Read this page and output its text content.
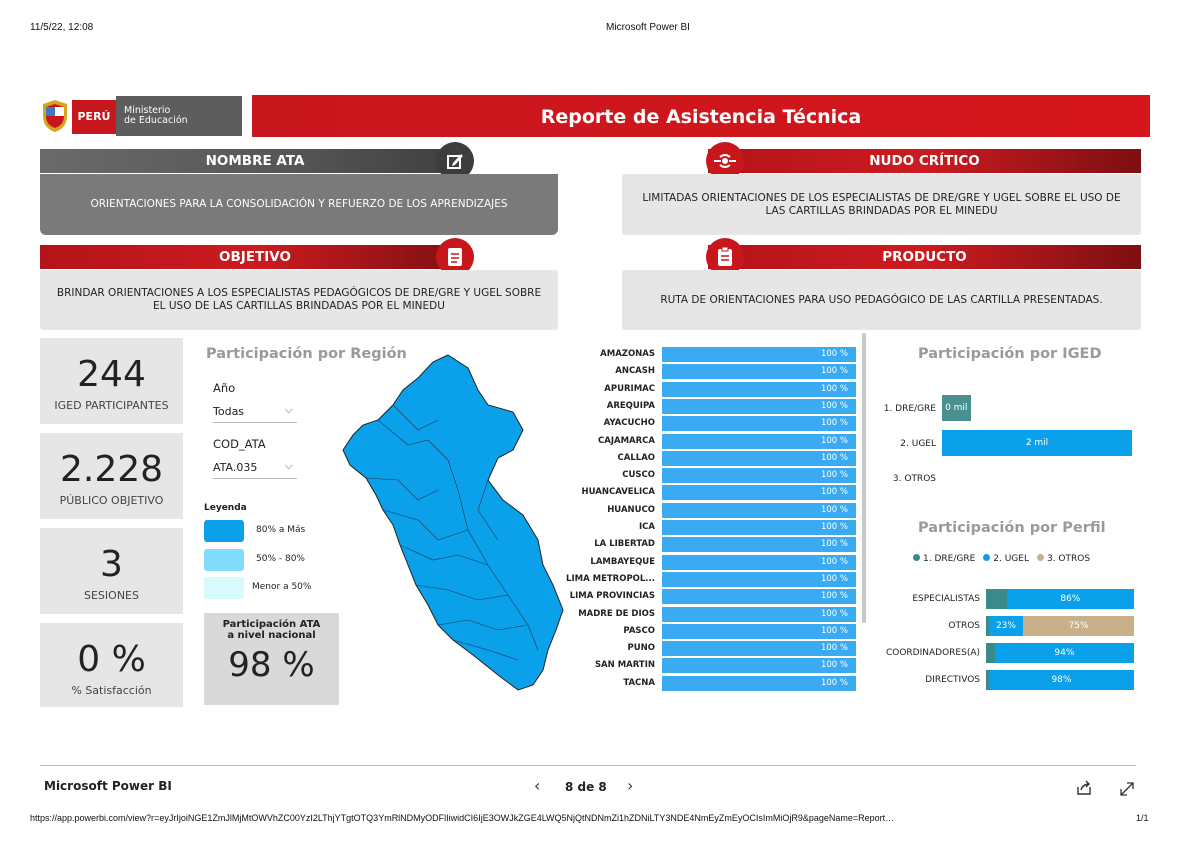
11/5/22, 12:08	Microsoft Power BI
PERÚ	Ministerio
de Educación	Reporte de Asistencia Técnica
NOMBRE ATA
ORIENTACIONES PARA LA CONSOLIDACIÓN Y REFUERZO DE LOS APRENDIZAJES
NUDO CRÍTICO
LIMITADAS ORIENTACIONES DE LOS ESPECIALISTAS DE DRE/GRE Y UGEL SOBRE EL USO DE LAS CARTILLAS BRINDADAS POR EL MINEDU
OBJETIVO
BRINDAR ORIENTACIONES A LOS ESPECIALISTAS PEDAGÓGICOS DE DRE/GRE Y UGEL SOBRE EL USO DE LAS CARTILLAS BRINDADAS POR EL MINEDU
PRODUCTO
RUTA DE ORIENTACIONES PARA USO PEDAGÓGICO DE LAS CARTILLA PRESENTADAS.
244
IGED PARTICIPANTES
2.228
PÚBLICO OBJETIVO
3
SESIONES
0 %
% Satisfacción
Participación por Región
Año
Todas	⌵
COD_ATA
ATA.035 ⌵
Leyenda
80% a Más
50% - 80%
Menor a 50%
Participación ATA
a nivel nacional
98 %
AMAZONAS	100 %
ANCASH	100 %
APURIMAC	100 %
AREQUIPA	100 %
AYACUCHO	100 %
CAJAMARCA	100 %
CALLAO	100 %
CUSCO	100 %
HUANCAVELICA	100 %
HUANUCO	100 %
ICA	100 %
LA LIBERTAD	100 %
LAMBAYEQUE	100 %
LIMA METROPOL...	100 %
LIMA PROVINCIAS	100 %
MADRE DE DIOS	100 %
PASCO	100 %
PUNO	100 %
SAN MARTIN	100 %
TACNA	100 %
Participación por IGED
1. DRE/GRE	0 mil
2. UGEL	2 mil
3. OTROS
Participación por Perfil
1. DRE/GRE	2. UGEL	3. OTROS
ESPECIALISTAS	86%
OTROS	23%	75%
COORDINADORES(A)	94%
DIRECTIVOS	98%
Microsoft Power BI	‹ 8 de 8 ›
https://app.powerbi.com/view?r=eyJrIjoiNGE1ZmJlMjMtOWVhZC00YzI2LThjYTgtOTQ3YmRlNDMyODFlIiwidCI6IjE3OWJkZGE4LWQ5NjQtNDNmZi1hZDNiLTY3NDE4NmEyZmEyOCIsImMiOjR9&pageName=Report…	1/1
